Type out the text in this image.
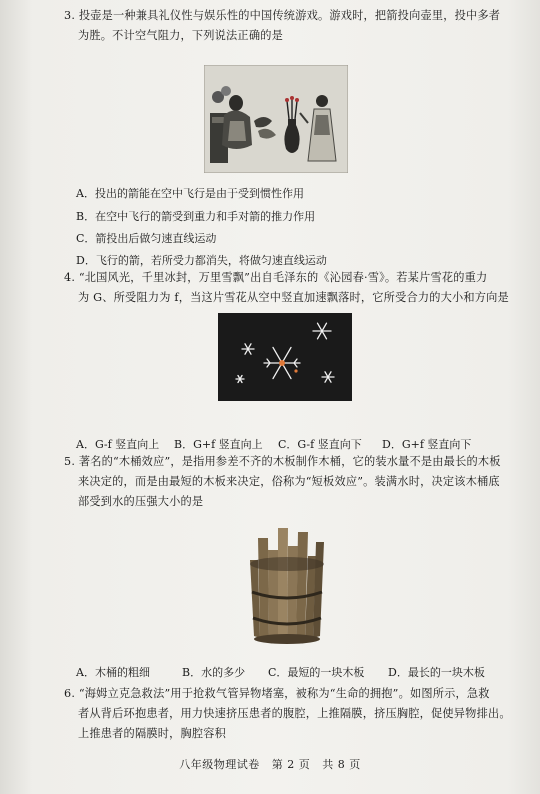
3. 投壶是一种兼具礼仪性与娱乐性的中国传统游戏。游戏时，把箭投向壶里，投中多者
为胜。不计空气阻力，下列说法正确的是
A．投出的箭能在空中飞行是由于受到惯性作用
B．在空中飞行的箭受到重力和手对箭的推力作用
C．箭投出后做匀速直线运动
D．飞行的箭，若所受力都消失，将做匀速直线运动
4. “北国风光，千里冰封，万里雪飘”出自毛泽东的《沁园春·雪》。若某片雪花的重力
为 G、所受阻力为 f，当这片雪花从空中竖直加速飘落时，它所受合力的大小和方向是
A．G-f 竖直向上 B．G+f 竖直向上 C．G-f 竖直向下 D．G+f 竖直向下
5. 著名的“木桶效应”，是指用参差不齐的木板制作木桶，它的装水量不是由最长的木板
来决定的，而是由最短的木板来决定，俗称为“短板效应”。装满水时，决定该木桶底
部受到水的压强大小的是
A．木桶的粗细	B．水的多少 C．最短的一块木板 D．最长的一块木板
6. “海姆立克急救法”用于抢救气管异物堵塞，被称为“生命的拥抱”。如图所示，急救
者从背后环抱患者，用力快速挤压患者的腹腔，上推隔膜，挤压胸腔，促使异物排出。
上推患者的隔膜时，胸腔容积
八年级物理试卷 第 2 页 共 8 页
